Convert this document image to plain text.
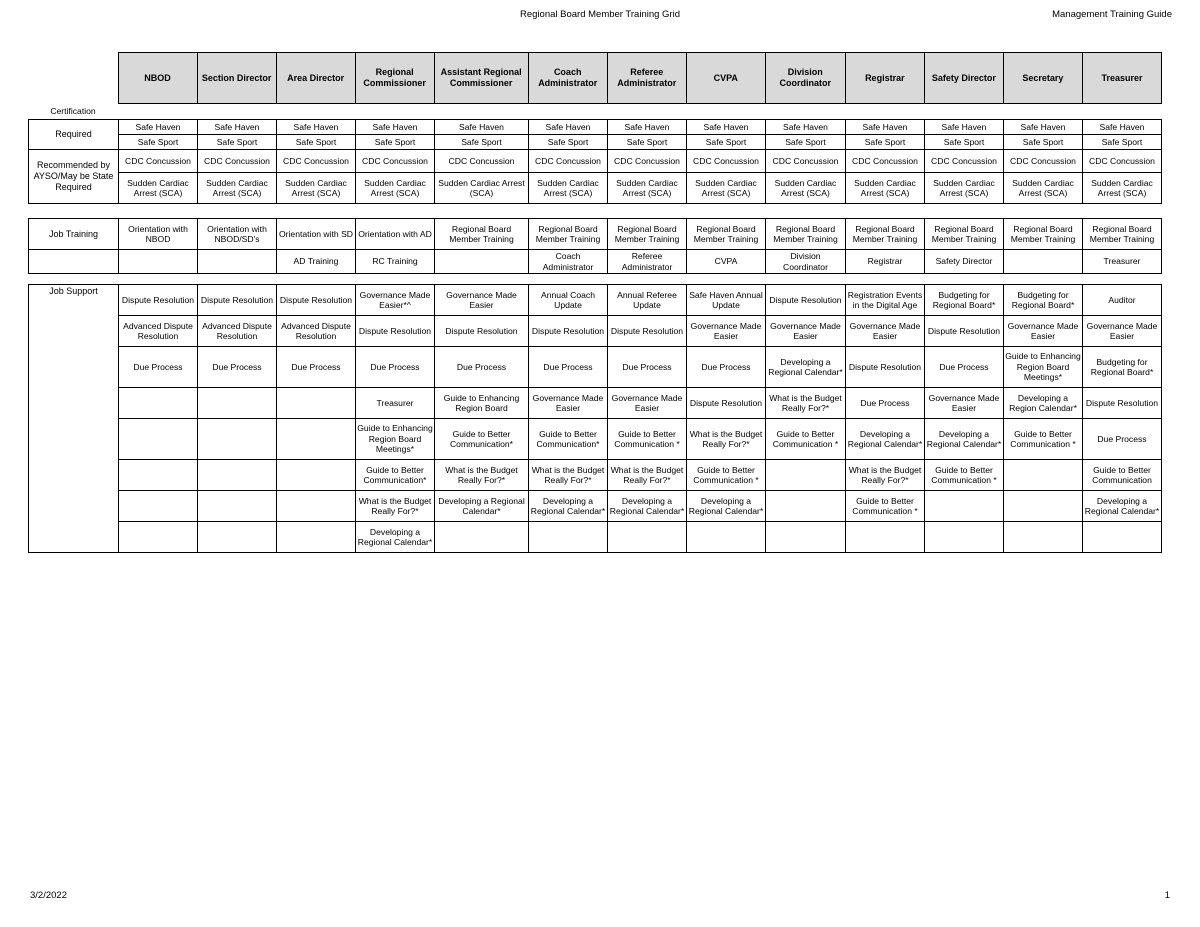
Regional Board Member Training Grid	Management Training Guide
	NBOD	Section Director	Area Director	Regional Commissioner	Assistant Regional Commissioner	Coach Administrator	Referee Administrator	CVPA	Division Coordinator	Registrar	Safety Director	Secretary	Treasurer
Certification	
Required	Safe Haven	Safe Haven	Safe Haven	Safe Haven	Safe Haven	Safe Haven	Safe Haven	Safe Haven	Safe Haven	Safe Haven	Safe Haven	Safe Haven	Safe Haven
	Safe Sport	Safe Sport	Safe Sport	Safe Sport	Safe Sport	Safe Sport	Safe Sport	Safe Sport	Safe Sport	Safe Sport	Safe Sport	Safe Sport	Safe Sport
Recommended by AYSO/May be State Required	CDC Concussion	CDC Concussion	CDC Concussion	CDC Concussion	CDC Concussion	CDC Concussion	CDC Concussion	CDC Concussion	CDC Concussion	CDC Concussion	CDC Concussion	CDC Concussion	CDC Concussion
	Sudden Cardiac Arrest (SCA)	Sudden Cardiac Arrest (SCA)	Sudden Cardiac Arrest (SCA)	Sudden Cardiac Arrest (SCA)	Sudden Cardiac Arrest (SCA)	Sudden Cardiac Arrest (SCA)	Sudden Cardiac Arrest (SCA)	Sudden Cardiac Arrest (SCA)	Sudden Cardiac Arrest (SCA)	Sudden Cardiac Arrest (SCA)	Sudden Cardiac Arrest (SCA)	Sudden Cardiac Arrest (SCA)	Sudden Cardiac Arrest (SCA)
Job Training	Orientation with NBOD	Orientation with NBOD/SD's	Orientation with SD	Orientation with AD	Regional Board Member Training	Regional Board Member Training	Regional Board Member Training	Regional Board Member Training	Regional Board Member Training	Regional Board Member Training	Regional Board Member Training	Regional Board Member Training	Regional Board Member Training
			AD Training	RC Training		Coach Administrator	Referee Administrator	CVPA	Division Coordinator	Registrar	Safety Director		Treasurer
Job Support	Dispute Resolution	Dispute Resolution	Dispute Resolution	Governance Made Easier*^	Governance Made Easier	Annual Coach Update	Annual Referee Update	Safe Haven Annual Update	Dispute Resolution	Registration Events in the Digital Age	Budgeting for Regional Board*	Budgeting for Regional Board*	Auditor
	Advanced Dispute Resolution	Advanced Dispute Resolution	Advanced Dispute Resolution	Dispute Resolution	Dispute Resolution	Dispute Resolution	Dispute Resolution	Governance Made Easier	Governance Made Easier	Governance Made Easier	Dispute Resolution	Governance Made Easier	Governance Made Easier
	Due Process	Due Process	Due Process	Due Process	Due Process	Due Process	Due Process	Due Process	Developing a Regional Calendar*	Dispute Resolution	Due Process	Guide to Enhancing Region Board Meetings*	Budgeting for Regional Board*
				Treasurer	Guide to Enhancing Region Board	Governance Made Easier	Governance Made Easier	Dispute Resolution	What is the Budget Really For?*	Due Process	Governance Made Easier	Developing a Region Calendar*	Dispute Resolution
				Guide to Enhancing Region Board Meetings*	Guide to Better Communication*	Guide to Better Communication*	Guide to Better Communication *	What is the Budget Really For?*	Guide to Better Communication *	Developing a Regional Calendar*	Developing a Regional Calendar*	Guide to Better Communication *	Due Process
				Guide to Better Communication*	What is the Budget Really For?*	What is the Budget Really For?*	What is the Budget Really For?*	Guide to Better Communication *		What is the Budget Really For?*	Guide to Better Communication *		Guide to Better Communication
				What is the Budget Really For?*	Developing a Regional Calendar*	Developing a Regional Calendar*	Developing a Regional Calendar*	Developing a Regional Calendar*		Guide to Better Communication *			Developing a Regional Calendar*
				Developing a Regional Calendar*									
3/2/2022	1
